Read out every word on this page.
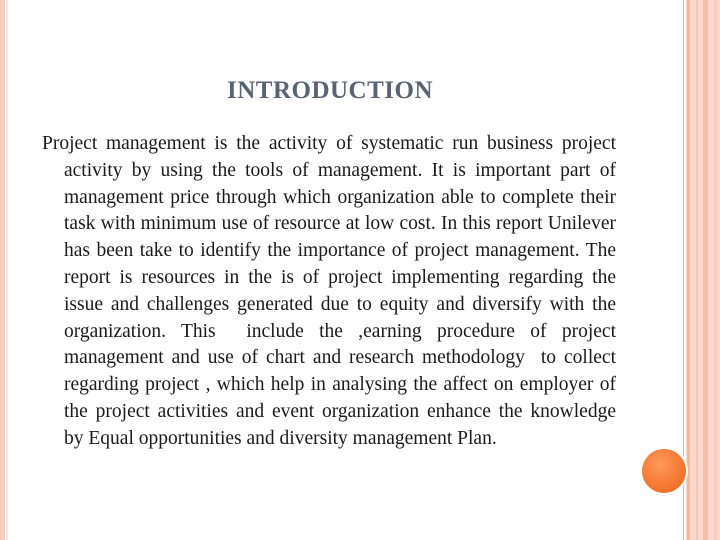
INTRODUCTION

Project management is the activity of systematic run business project activity by using the tools of management. It is important part of management price through which organization able to complete their task with minimum use of resource at low cost. In this report Unilever has been take to identify the importance of project management. The report is resources in the is of project implementing regarding the issue and challenges generated due to equity and diversify with the organization. This  include the ,earning procedure of project management and use of chart and research methodology  to collect  regarding project , which help in analysing the affect on employer of the project activities and event organization enhance the knowledge by Equal opportunities and diversity management Plan.
